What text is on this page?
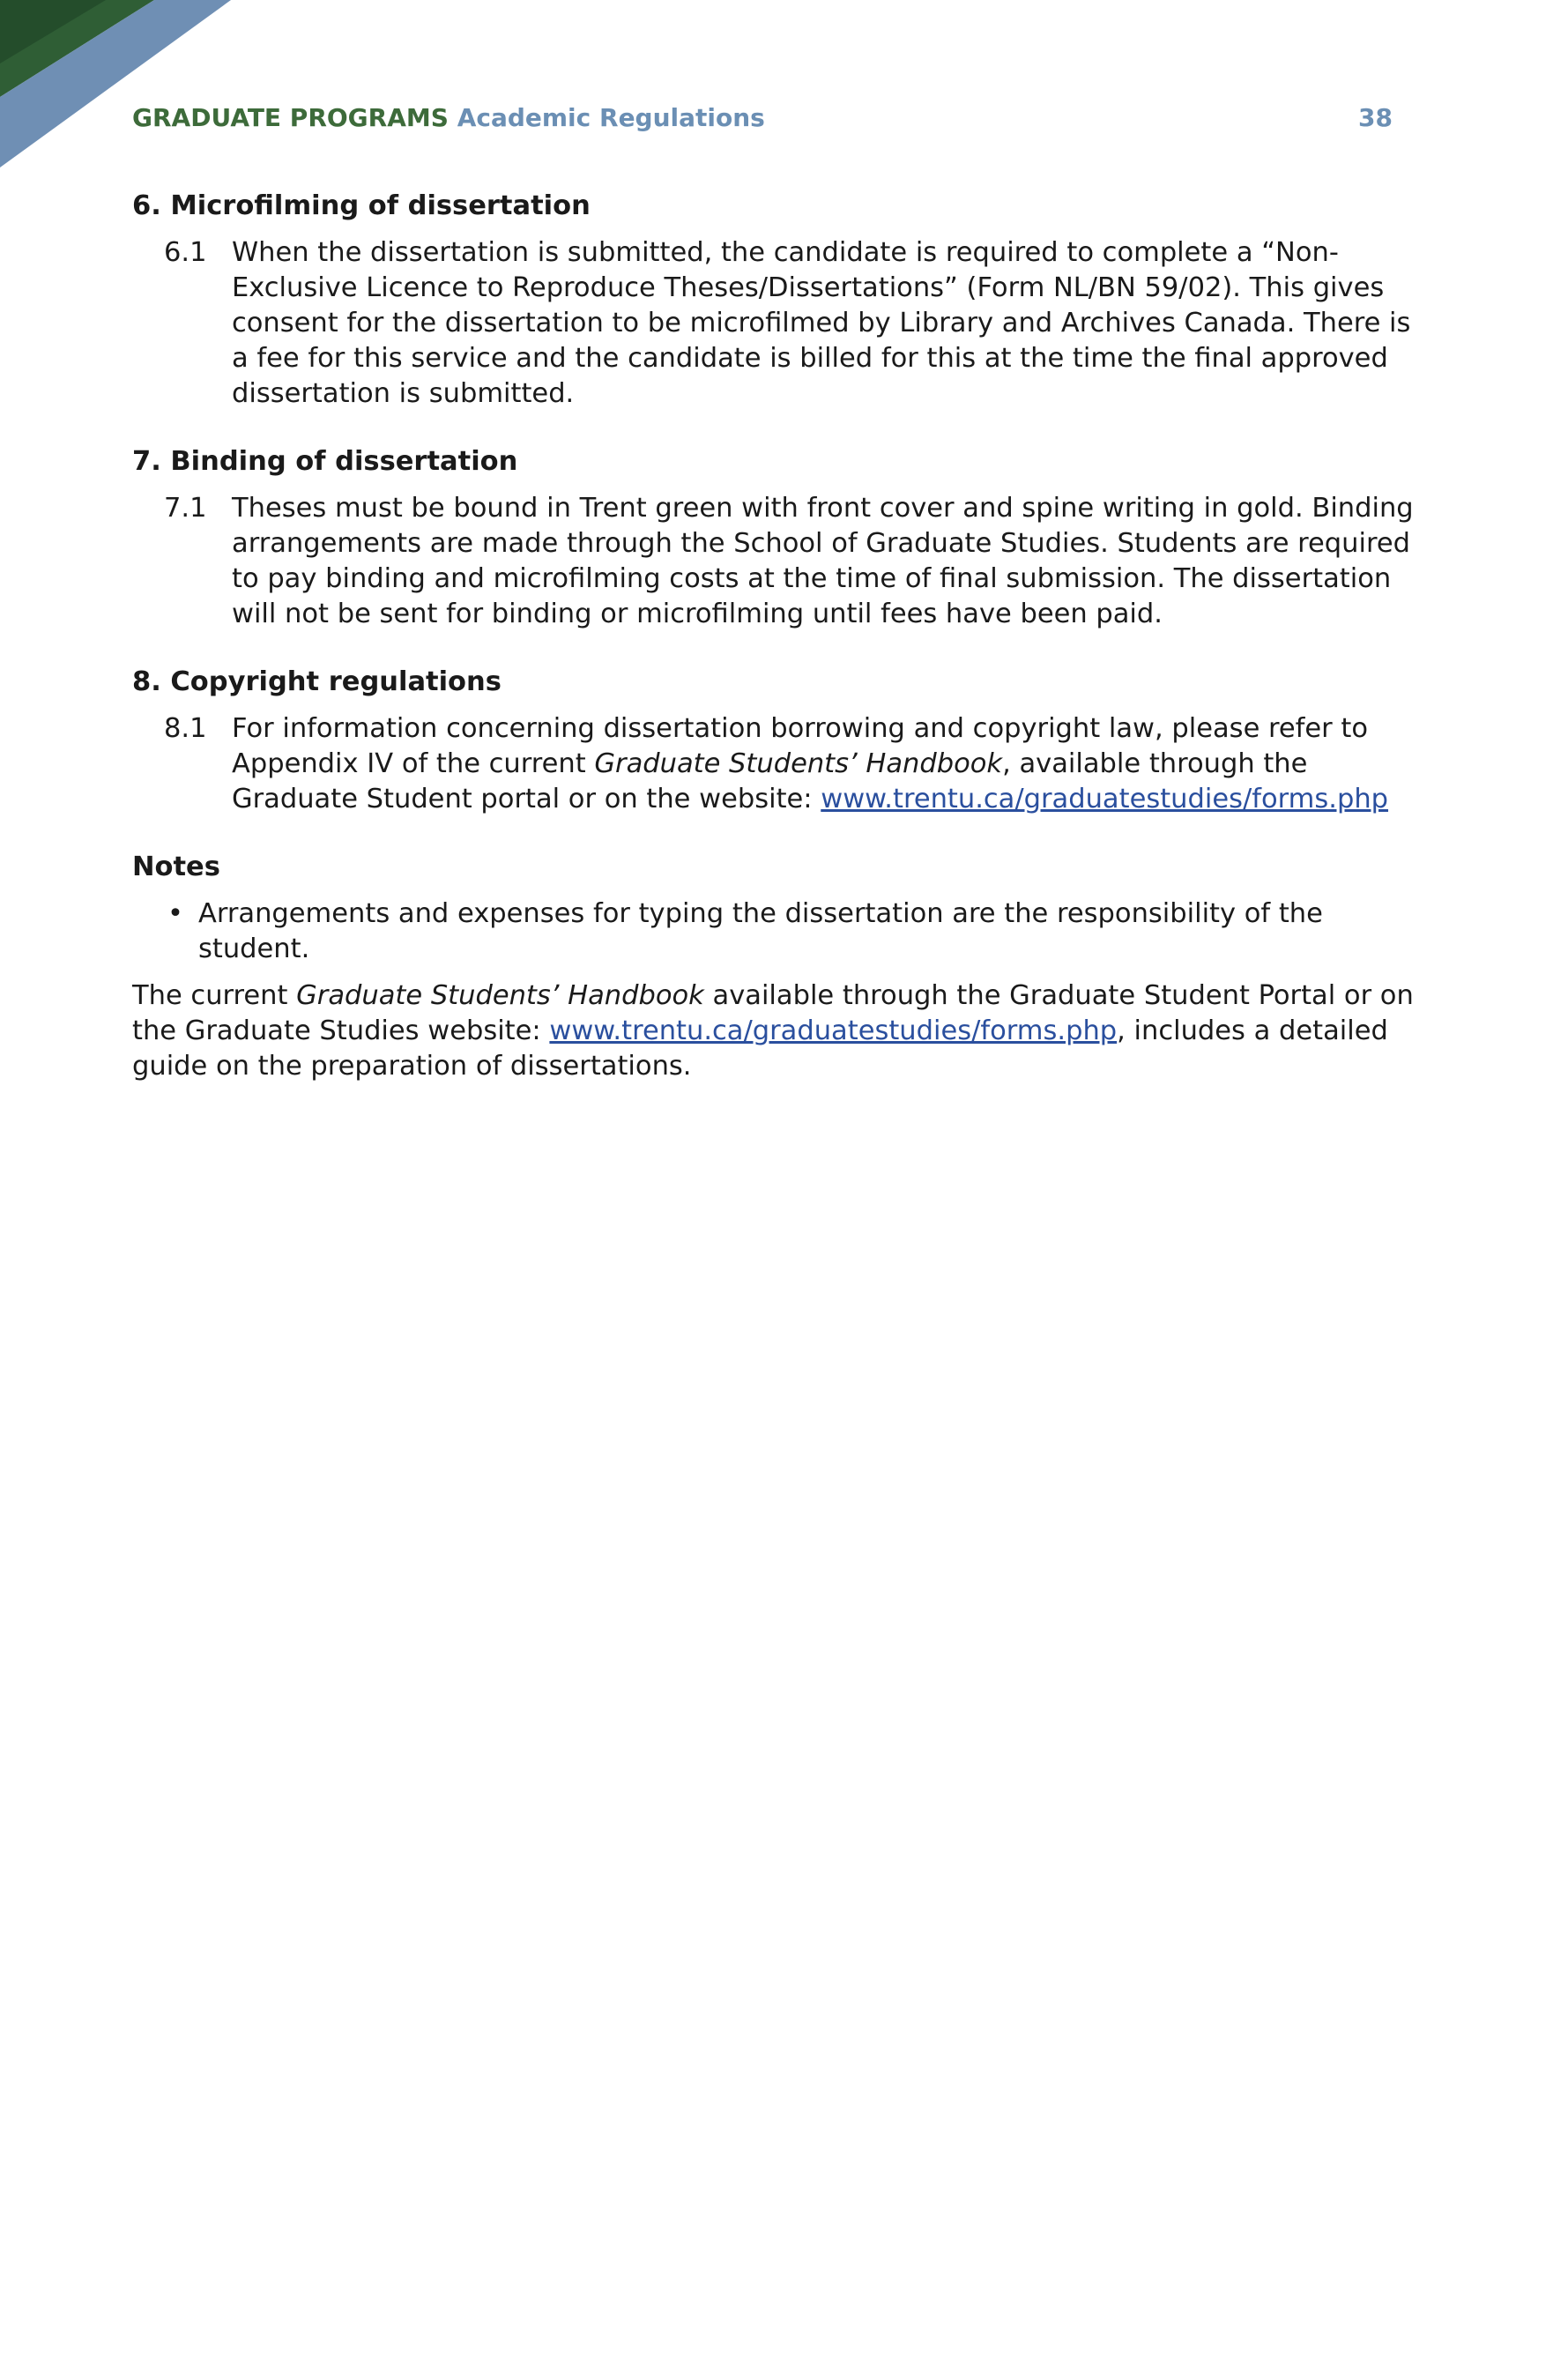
GRADUATE PROGRAMS Academic Regulations	38
6. Microfilming of dissertation
6.1 When the dissertation is submitted, the candidate is required to complete a “Non-Exclusive Licence to Reproduce Theses/Dissertations” (Form NL/BN 59/02). This gives consent for the dissertation to be microfilmed by Library and Archives Canada. There is a fee for this service and the candidate is billed for this at the time the final approved dissertation is submitted.
7. Binding of dissertation
7.1 Theses must be bound in Trent green with front cover and spine writing in gold. Binding arrangements are made through the School of Graduate Studies. Students are required to pay binding and microfilming costs at the time of final submission. The dissertation will not be sent for binding or microfilming until fees have been paid.
8. Copyright regulations
8.1 For information concerning dissertation borrowing and copyright law, please refer to Appendix IV of the current Graduate Students’ Handbook, available through the Graduate Student portal or on the website: www.trentu.ca/graduatestudies/forms.php
Notes
• Arrangements and expenses for typing the dissertation are the responsibility of the student.

The current Graduate Students’ Handbook available through the Graduate Student Portal or on the Graduate Studies website: www.trentu.ca/graduatestudies/forms.php, includes a detailed guide on the preparation of dissertations.
